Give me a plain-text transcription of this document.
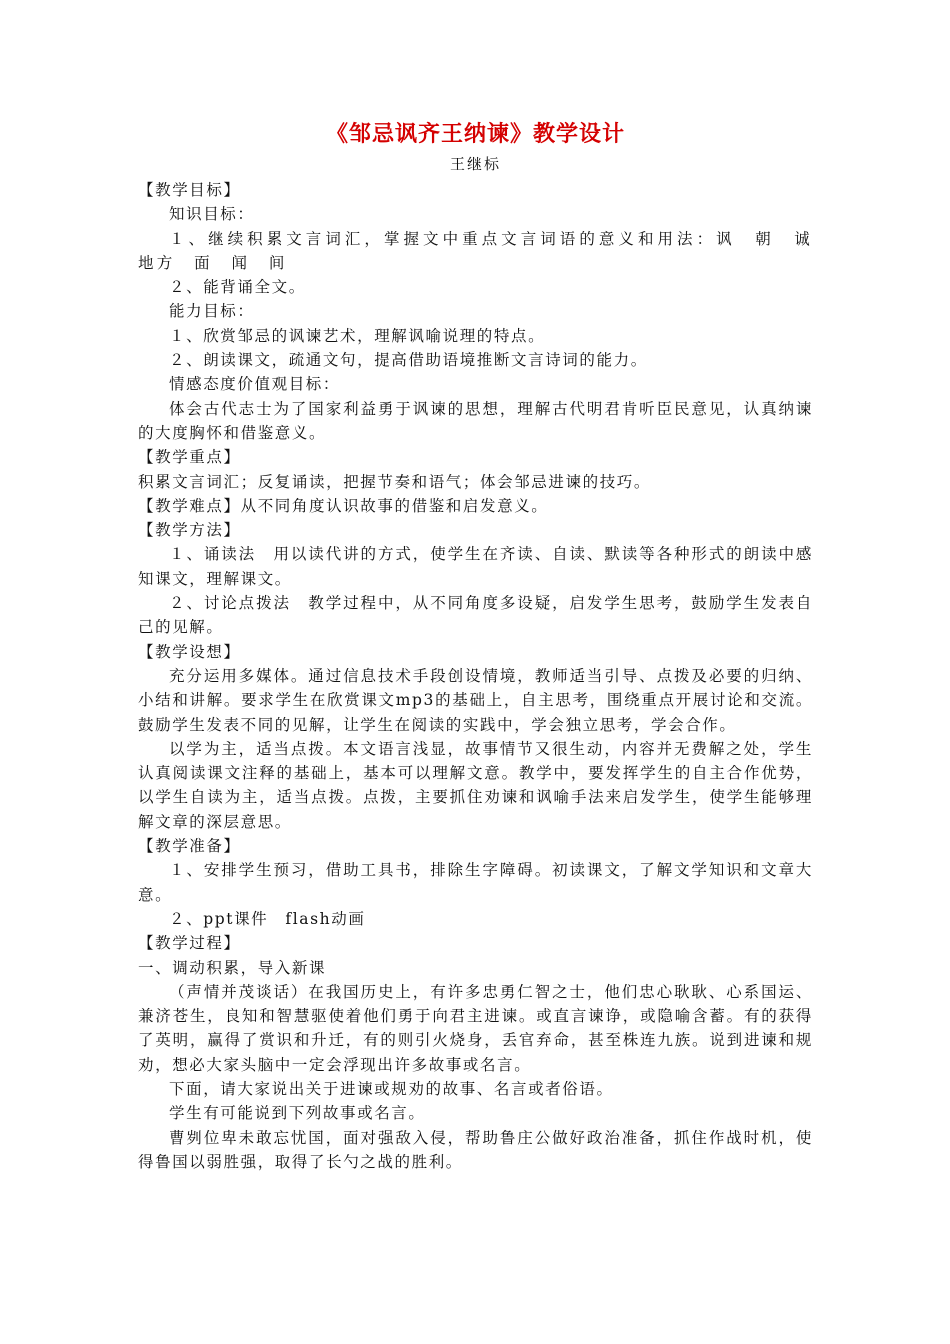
《邹忌讽齐王纳谏》教学设计
王继标
【教学目标】
知识目标：
１、继续积累文言词汇，掌握文中重点文言词语的意义和用法：讽　朝　诚　地方　面　闻　间
２、能背诵全文。
能力目标：
１、欣赏邹忌的讽谏艺术，理解讽喻说理的特点。
２、朗读课文，疏通文句，提高借助语境推断文言诗词的能力。
情感态度价值观目标：
体会古代志士为了国家利益勇于讽谏的思想，理解古代明君肯听臣民意见，认真纳谏的大度胸怀和借鉴意义。
【教学重点】
积累文言词汇；反复诵读，把握节奏和语气；体会邹忌进谏的技巧。
【教学难点】从不同角度认识故事的借鉴和启发意义。
【教学方法】
１、诵读法　用以读代讲的方式，使学生在齐读、自读、默读等各种形式的朗读中感知课文，理解课文。
２、讨论点拨法　教学过程中，从不同角度多设疑，启发学生思考，鼓励学生发表自己的见解。
【教学设想】
充分运用多媒体。通过信息技术手段创设情境，教师适当引导、点拨及必要的归纳、小结和讲解。要求学生在欣赏课文mp3的基础上，自主思考，围绕重点开展讨论和交流。鼓励学生发表不同的见解，让学生在阅读的实践中，学会独立思考，学会合作。
以学为主，适当点拨。本文语言浅显，故事情节又很生动，内容并无费解之处，学生认真阅读课文注释的基础上，基本可以理解文意。教学中，要发挥学生的自主合作优势，以学生自读为主，适当点拨。点拨，主要抓住劝谏和讽喻手法来启发学生，使学生能够理解文章的深层意思。
【教学准备】
１、安排学生预习，借助工具书，排除生字障碍。初读课文，了解文学知识和文章大意。
２、ppt课件　flash动画
【教学过程】
一、调动积累，导入新课
（声情并茂谈话）在我国历史上，有许多忠勇仁智之士，他们忠心耿耿、心系国运、兼济苍生，良知和智慧驱使着他们勇于向君主进谏。或直言谏诤，或隐喻含蓄。有的获得了英明，赢得了赏识和升迁，有的则引火烧身，丢官弃命，甚至株连九族。说到进谏和规劝，想必大家头脑中一定会浮现出许多故事或名言。
下面，请大家说出关于进谏或规劝的故事、名言或者俗语。
学生有可能说到下列故事或名言。
曹刿位卑未敢忘忧国，面对强敌入侵，帮助鲁庄公做好政治准备，抓住作战时机，使得鲁国以弱胜强，取得了长勺之战的胜利。
